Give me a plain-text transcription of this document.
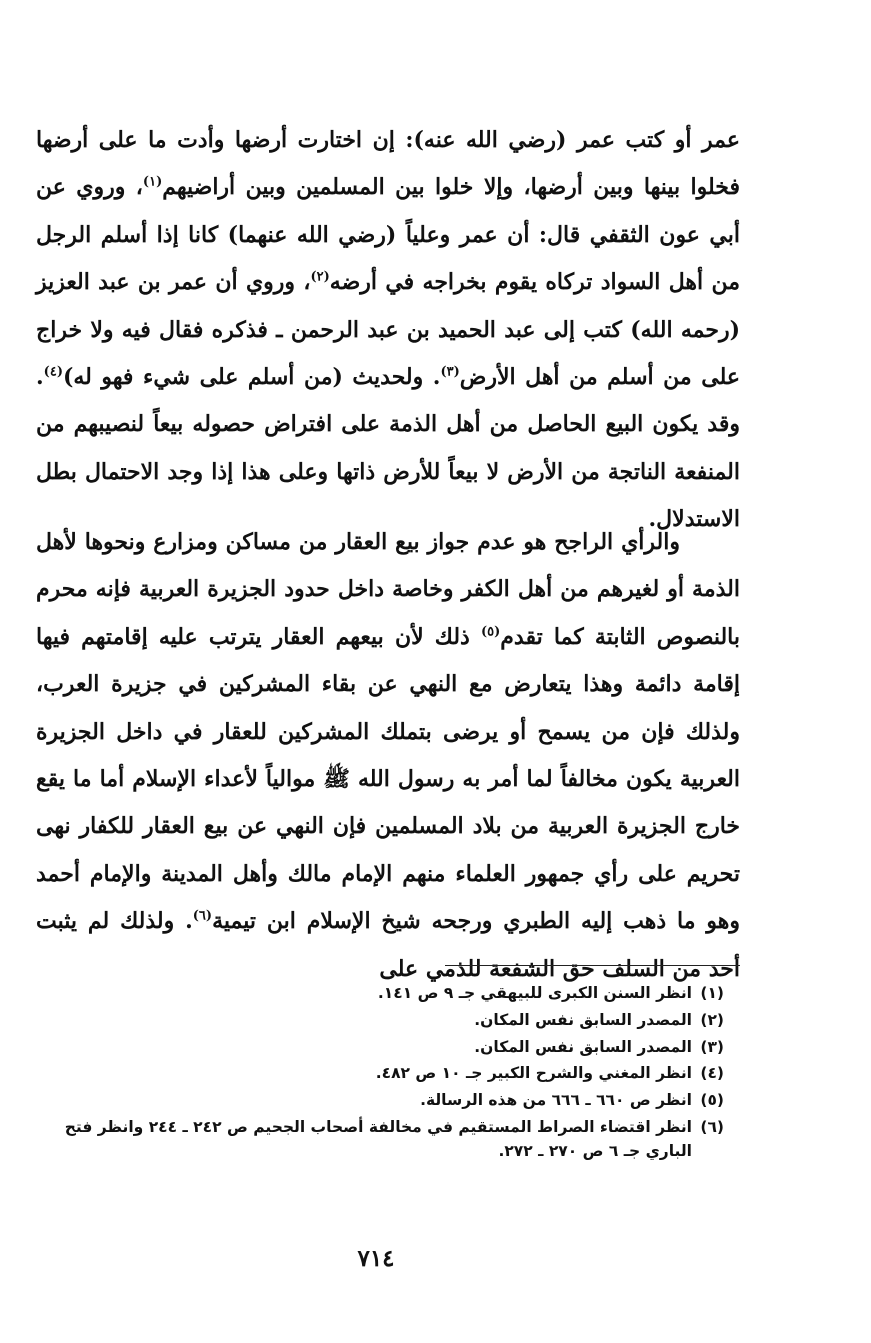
عمر أو كتب عمر (رضي الله عنه): إن اختارت أرضها وأدت ما على أرضها فخلوا بينها وبين أرضها، وإلا خلوا بين المسلمين وبين أراضيهم$^{(١)}$، وروي عن أبي عون الثقفي قال: أن عمر وعلياً (رضي الله عنهما) كانا إذا أسلم الرجل من أهل السواد تركاه يقوم بخراجه في أرضه$^{(٢)}$، وروي أن عمر بن عبد العزيز (رحمه الله) كتب إلى عبد الحميد بن عبد الرحمن ـ فذكره فقال فيه ولا خراج على من أسلم من أهل الأرض$^{(٣)}$. ولحديث (من أسلم على شيء فهو له)$^{(٤)}$. وقد يكون البيع الحاصل من أهل الذمة على افتراض حصوله بيعاً لنصيبهم من المنفعة الناتجة من الأرض لا بيعاً للأرض ذاتها وعلى هذا إذا وجد الاحتمال بطل الاستدلال.

والرأي الراجح هو عدم جواز بيع العقار من مساكن ومزارع ونحوها لأهل الذمة أو لغيرهم من أهل الكفر وخاصة داخل حدود الجزيرة العربية فإنه محرم بالنصوص الثابتة كما تقدم$^{(٥)}$ ذلك لأن بيعهم العقار يترتب عليه إقامتهم فيها إقامة دائمة وهذا يتعارض مع النهي عن بقاء المشركين في جزيرة العرب، ولذلك فإن من يسمح أو يرضى بتملك المشركين للعقار في داخل الجزيرة العربية يكون مخالفاً لما أمر به رسول الله ﷺ موالياً لأعداء الإسلام أما ما يقع خارج الجزيرة العربية من بلاد المسلمين فإن النهي عن بيع العقار للكفار نهى تحريم على رأي جمهور العلماء منهم الإمام مالك وأهل المدينة والإمام أحمد وهو ما ذهب إليه الطبري ورجحه شيخ الإسلام ابن تيمية$^{(٦)}$. ولذلك لم يثبت أحد من السلف حق الشفعة للذمي على

(١)انظر السنن الكبرى للبيهقي جـ ٩ ص ١٤١.
(٢)المصدر السابق نفس المكان.
(٣)المصدر السابق نفس المكان.
(٤)انظر المغني والشرح الكبير جـ ١٠ ص ٤٨٢.
(٥)انظر ص ٦٦٠ ـ ٦٦٦ من هذه الرسالة.
(٦)انظر اقتضاء الصراط المستقيم في مخالفة أصحاب الجحيم ص ٢٤٢ ـ ٢٤٤ وانظر فتح الباري جـ ٦ ص ٢٧٠ ـ ٢٧٢.
٧١٤
